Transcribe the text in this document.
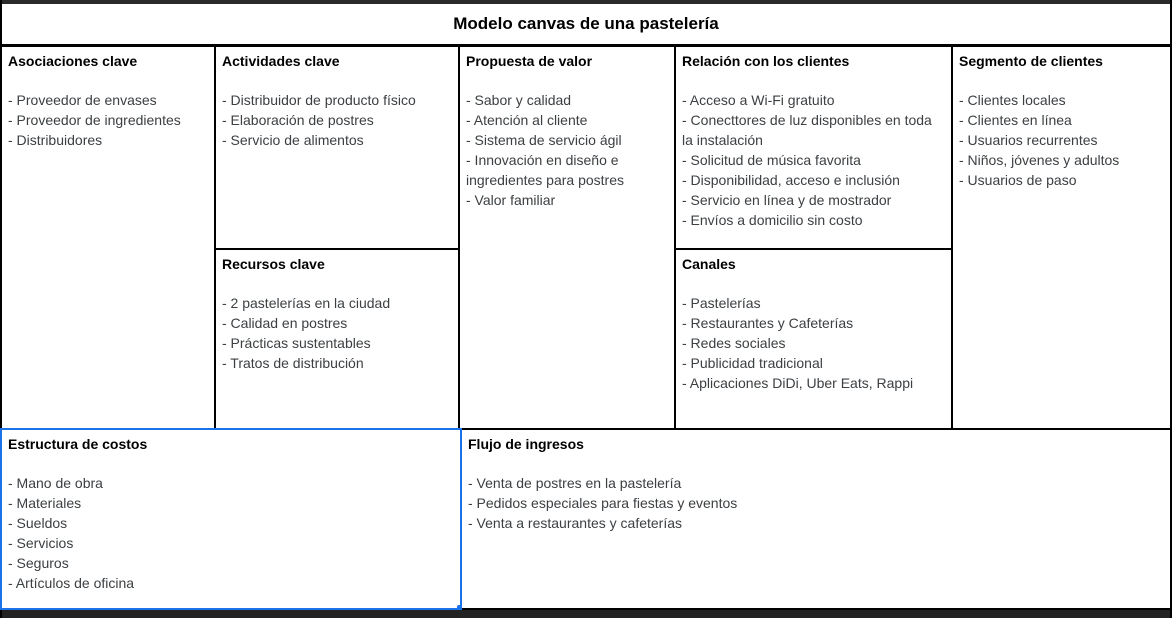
Modelo canvas de una pastelería
Asociaciones clave
- Proveedor de envases
- Proveedor de ingredientes
- Distribuidores
Actividades clave
- Distribuidor de producto físico
- Elaboración de postres
- Servicio de alimentos
Recursos clave
- 2 pastelerías en la ciudad
- Calidad en postres
- Prácticas sustentables
- Tratos de distribución
Propuesta de valor
- Sabor y calidad
- Atención al cliente
- Sistema de servicio ágil
- Innovación en diseño e ingredientes para postres
- Valor familiar
Relación con los clientes
- Acceso a Wi-Fi gratuito
- Conecttores de luz disponibles en toda la instalación
- Solicitud de música favorita
- Disponibilidad, acceso e inclusión
- Servicio en línea y de mostrador
- Envíos a domicilio sin costo
Canales
- Pastelerías
- Restaurantes y Cafeterías
- Redes sociales
- Publicidad tradicional
- Aplicaciones DiDi, Uber Eats, Rappi
Segmento de clientes
- Clientes locales
- Clientes en línea
- Usuarios recurrentes
- Niños, jóvenes y adultos
- Usuarios de paso
Estructura de costos
- Mano de obra
- Materiales
- Sueldos
- Servicios
- Seguros
- Artículos de oficina
Flujo de ingresos
- Venta de postres en la pastelería
- Pedidos especiales para fiestas y eventos
- Venta a restaurantes y cafeterías
